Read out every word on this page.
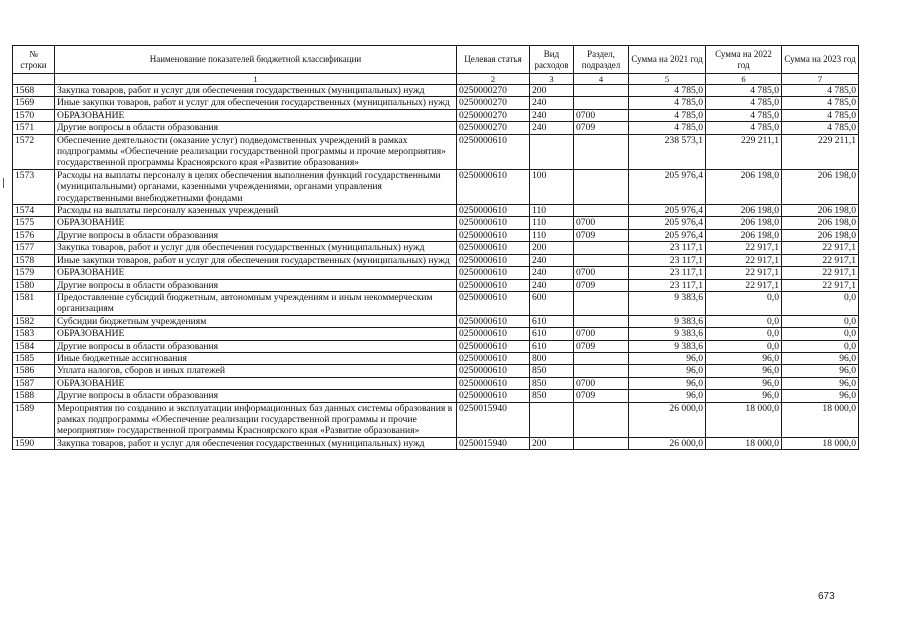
№ строки	Наименование показателей бюджетной классификации	Целевая статья	Вид расходов	Раздел, подраздел	Сумма на 2021 год	Сумма на 2022 год	Сумма на 2023 год
	1	2	3	4	5	6	7
1568	Закупка товаров, работ и услуг для обеспечения государственных (муниципальных) нужд	0250000270	200		4 785,0	4 785,0	4 785,0
1569	Иные закупки товаров, работ и услуг для обеспечения государственных (муниципальных) нужд	0250000270	240		4 785,0	4 785,0	4 785,0
1570	ОБРАЗОВАНИЕ	0250000270	240	0700	4 785,0	4 785,0	4 785,0
1571	Другие вопросы в области образования	0250000270	240	0709	4 785,0	4 785,0	4 785,0
1572	Обеспечение деятельности (оказание услуг) подведомственных учреждений в рамках подпрограммы «Обеспечение реализации государственной программы и прочие мероприятия» государственной программы Красноярского края «Развитие образования»	0250000610			238 573,1	229 211,1	229 211,1
1573	Расходы на выплаты персоналу в целях обеспечения выполнения функций государственными (муниципальными) органами, казенными учреждениями, органами управления государственными внебюджетными фондами	0250000610	100		205 976,4	206 198,0	206 198,0
1574	Расходы на выплаты персоналу казенных учреждений	0250000610	110		205 976,4	206 198,0	206 198,0
1575	ОБРАЗОВАНИЕ	0250000610	110	0700	205 976,4	206 198,0	206 198,0
1576	Другие вопросы в области образования	0250000610	110	0709	205 976,4	206 198,0	206 198,0
1577	Закупка товаров, работ и услуг для обеспечения государственных (муниципальных) нужд	0250000610	200		23 117,1	22 917,1	22 917,1
1578	Иные закупки товаров, работ и услуг для обеспечения государственных (муниципальных) нужд	0250000610	240		23 117,1	22 917,1	22 917,1
1579	ОБРАЗОВАНИЕ	0250000610	240	0700	23 117,1	22 917,1	22 917,1
1580	Другие вопросы в области образования	0250000610	240	0709	23 117,1	22 917,1	22 917,1
1581	Предоставление субсидий бюджетным, автономным учреждениям и иным некоммерческим организациям	0250000610	600		9 383,6	0,0	0,0
1582	Субсидии бюджетным учреждениям	0250000610	610		9 383,6	0,0	0,0
1583	ОБРАЗОВАНИЕ	0250000610	610	0700	9 383,6	0,0	0,0
1584	Другие вопросы в области образования	0250000610	610	0709	9 383,6	0,0	0,0
1585	Иные бюджетные ассигнования	0250000610	800		96,0	96,0	96,0
1586	Уплата налогов, сборов и иных платежей	0250000610	850		96,0	96,0	96,0
1587	ОБРАЗОВАНИЕ	0250000610	850	0700	96,0	96,0	96,0
1588	Другие вопросы в области образования	0250000610	850	0709	96,0	96,0	96,0
1589	Мероприятия по созданию и эксплуатации информационных баз данных системы образования в рамках подпрограммы «Обеспечение реализации государственной программы и прочие мероприятия» государственной программы Красноярского края «Развитие образования»	0250015940			26 000,0	18 000,0	18 000,0
1590	Закупка товаров, работ и услуг для обеспечения государственных (муниципальных) нужд	0250015940	200		26 000,0	18 000,0	18 000,0
673
